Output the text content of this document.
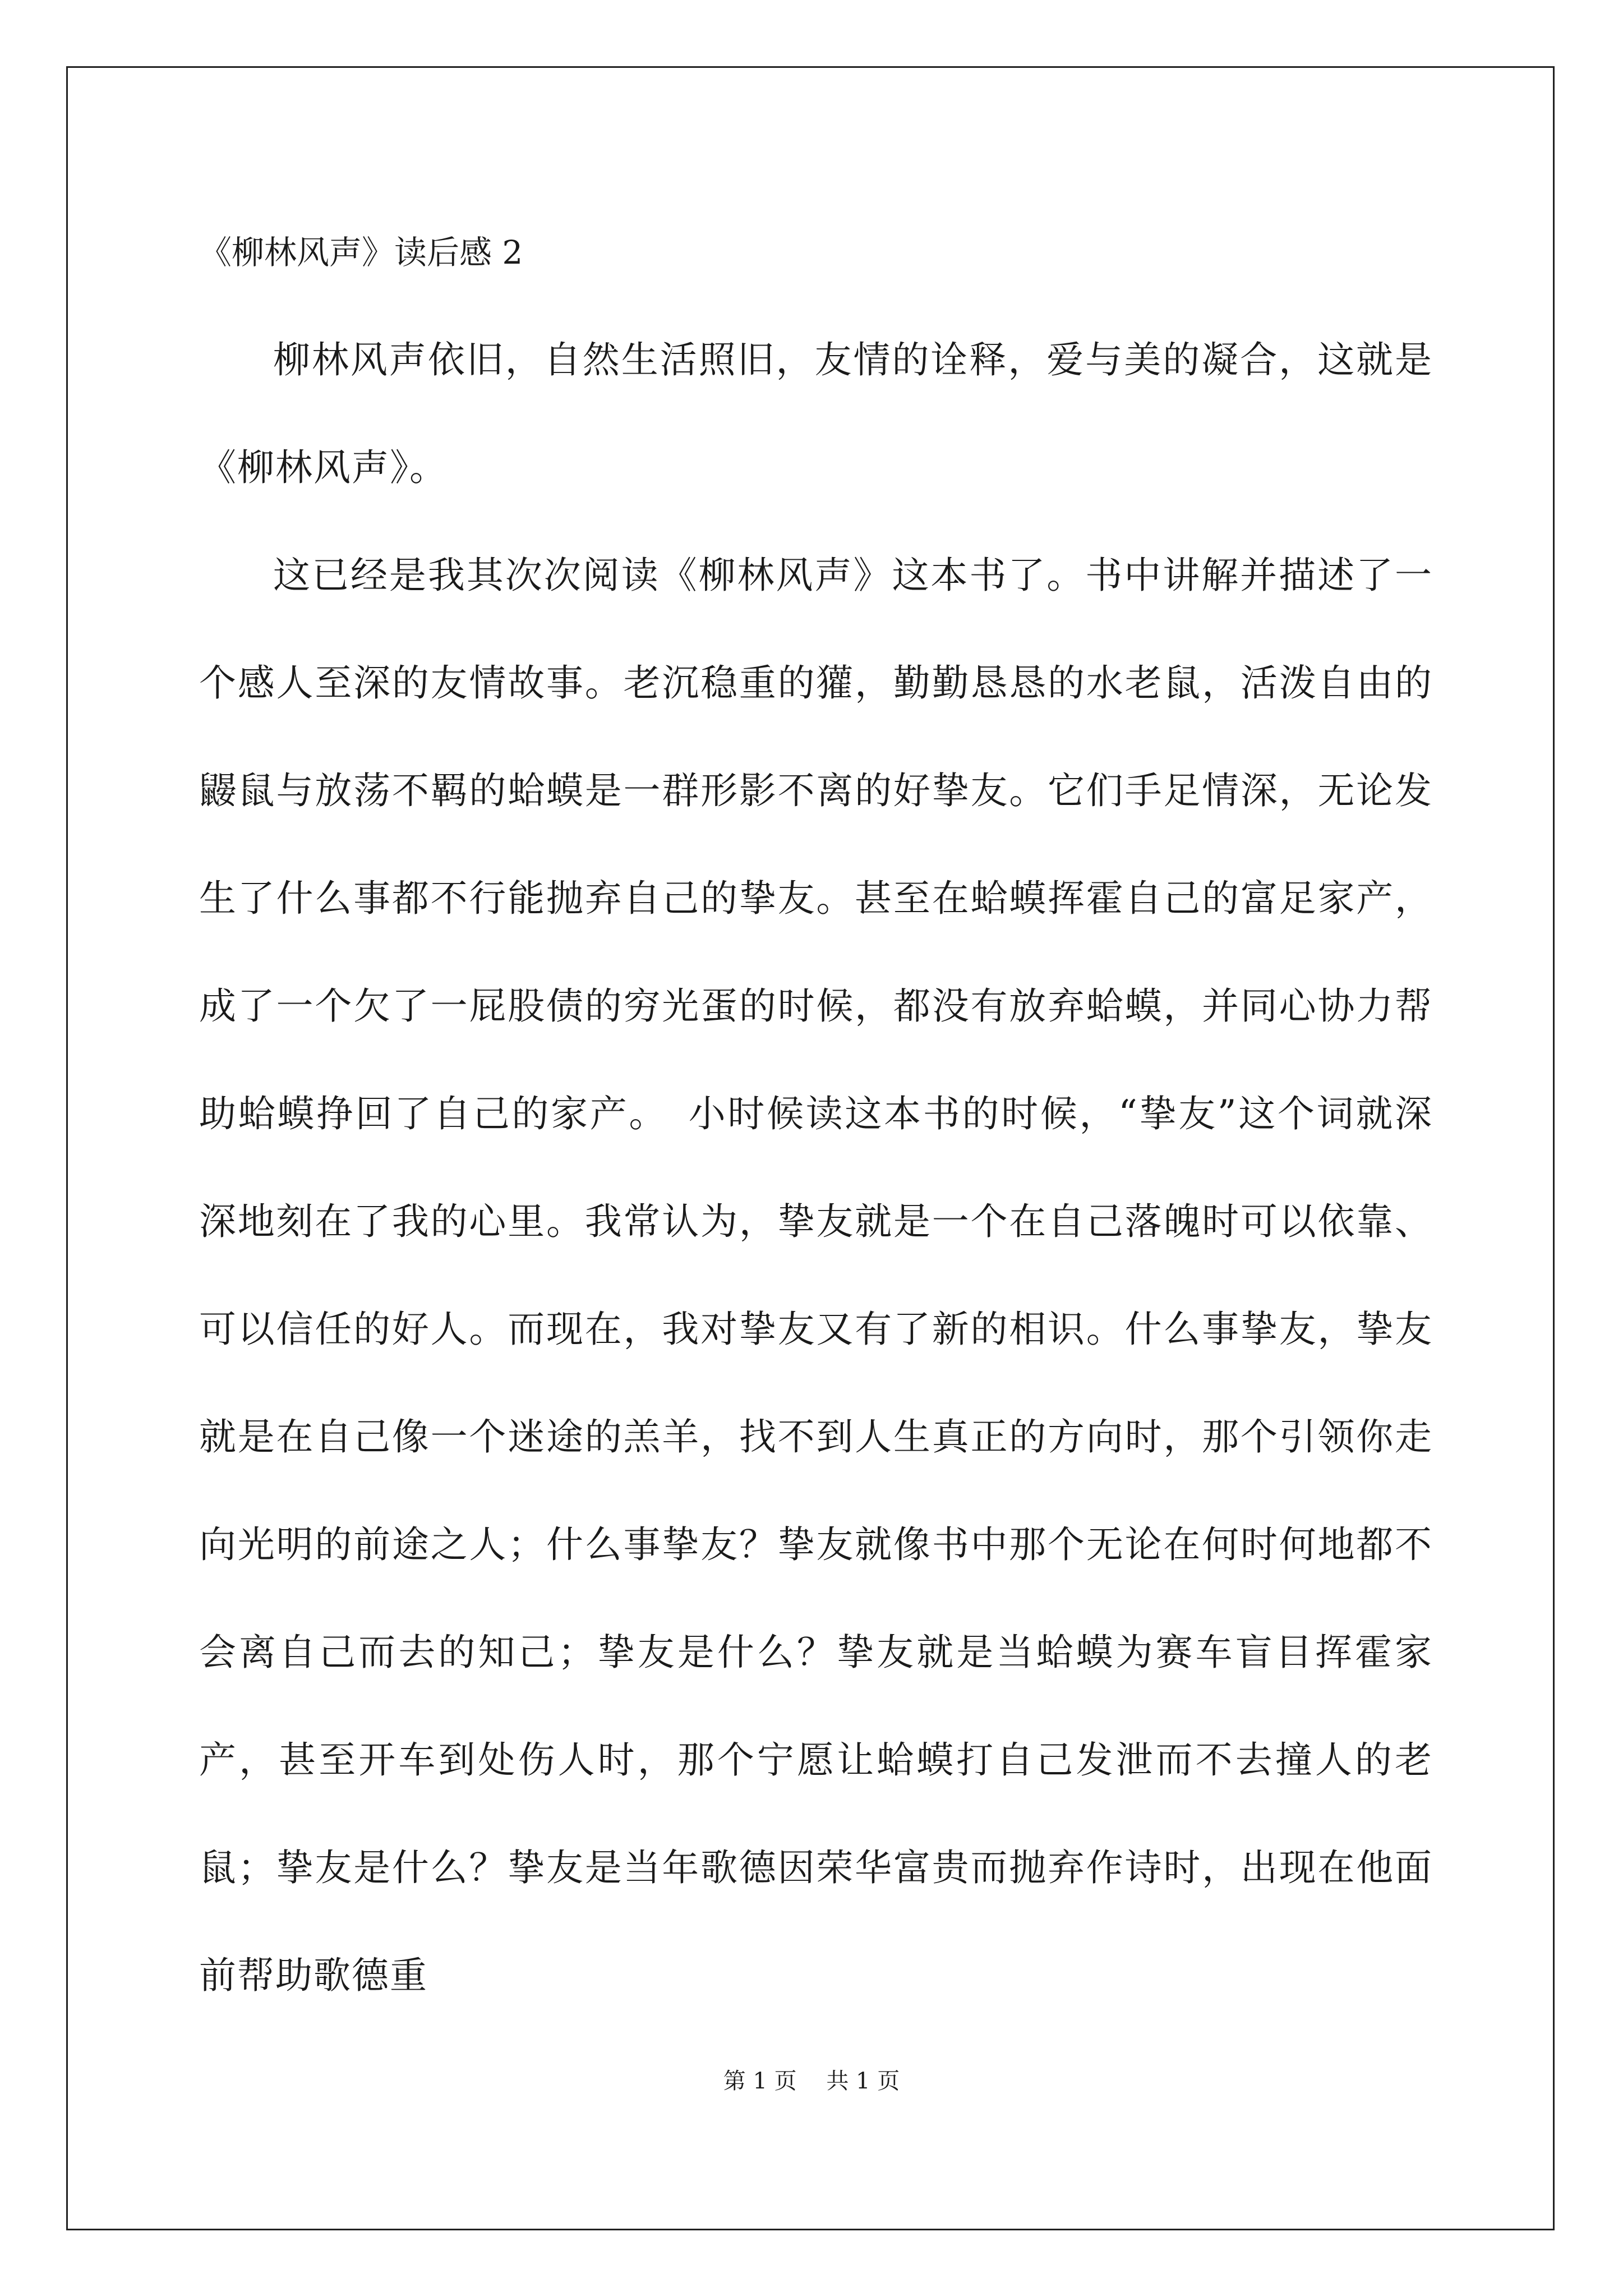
《柳林风声》读后感 2

柳林风声依旧，自然生活照旧，友情的诠释，爱与美的凝合，这就是《柳林风声》。

这已经是我其次次阅读《柳林风声》这本书了。书中讲解并描述了一个感人至深的友情故事。老沉稳重的獾，勤勤恳恳的水老鼠，活泼自由的鼹鼠与放荡不羁的蛤蟆是一群形影不离的好挚友。它们手足情深，无论发生了什么事都不行能抛弃自己的挚友。甚至在蛤蟆挥霍自己的富足家产，成了一个欠了一屁股债的穷光蛋的时候，都没有放弃蛤蟆，并同心协力帮助蛤蟆挣回了自己的家产。　小时候读这本书的时候，“挚友”这个词就深深地刻在了我的心里。我常认为，挚友就是一个在自己落魄时可以依靠、可以信任的好人。而现在，我对挚友又有了新的相识。什么事挚友，挚友就是在自己像一个迷途的羔羊，找不到人生真正的方向时，那个引领你走向光明的前途之人；什么事挚友？挚友就像书中那个无论在何时何地都不会离自己而去的知己；挚友是什么？挚友就是当蛤蟆为赛车盲目挥霍家产，甚至开车到处伤人时，那个宁愿让蛤蟆打自己发泄而不去撞人的老鼠；挚友是什么？挚友是当年歌德因荣华富贵而抛弃作诗时，出现在他面前帮助歌德重

第 1 页　 共 1 页
